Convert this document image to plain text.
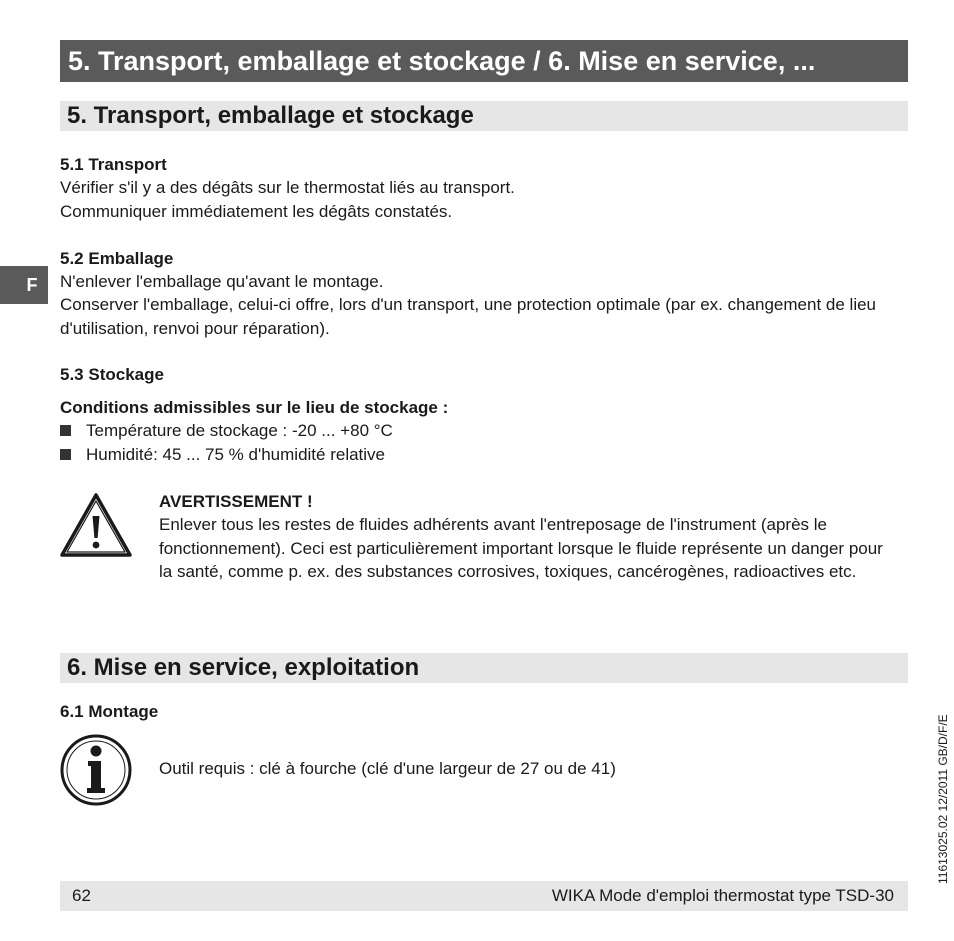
5. Transport, emballage et stockage / 6. Mise en service, ...
5. Transport, emballage et stockage
F
5.1 Transport
Vérifier s'il y a des dégâts sur le thermostat liés au transport.
Communiquer immédiatement les dégâts constatés.
5.2 Emballage
N'enlever l'emballage qu'avant le montage.
Conserver l'emballage, celui-ci offre, lors d'un transport, une protection optimale (par ex. changement de lieu d'utilisation, renvoi pour réparation).
5.3 Stockage
Conditions admissibles sur le lieu de stockage :
Température de stockage : -20 ... +80 °C
Humidité: 45 ... 75 % d'humidité relative
AVERTISSEMENT !
Enlever tous les restes de fluides adhérents avant l'entreposage de l'instrument (après le fonctionnement). Ceci est particulièrement important lorsque le fluide représente un danger pour la santé, comme p. ex. des substances corrosives, toxiques, cancérogènes, radioactives etc.
6. Mise en service, exploitation
6.1 Montage
Outil requis : clé à fourche (clé d'une largeur de 27 ou de 41)
62	WIKA Mode d'emploi thermostat type TSD-30
11613025.02 12/2011 GB/D/F/E
